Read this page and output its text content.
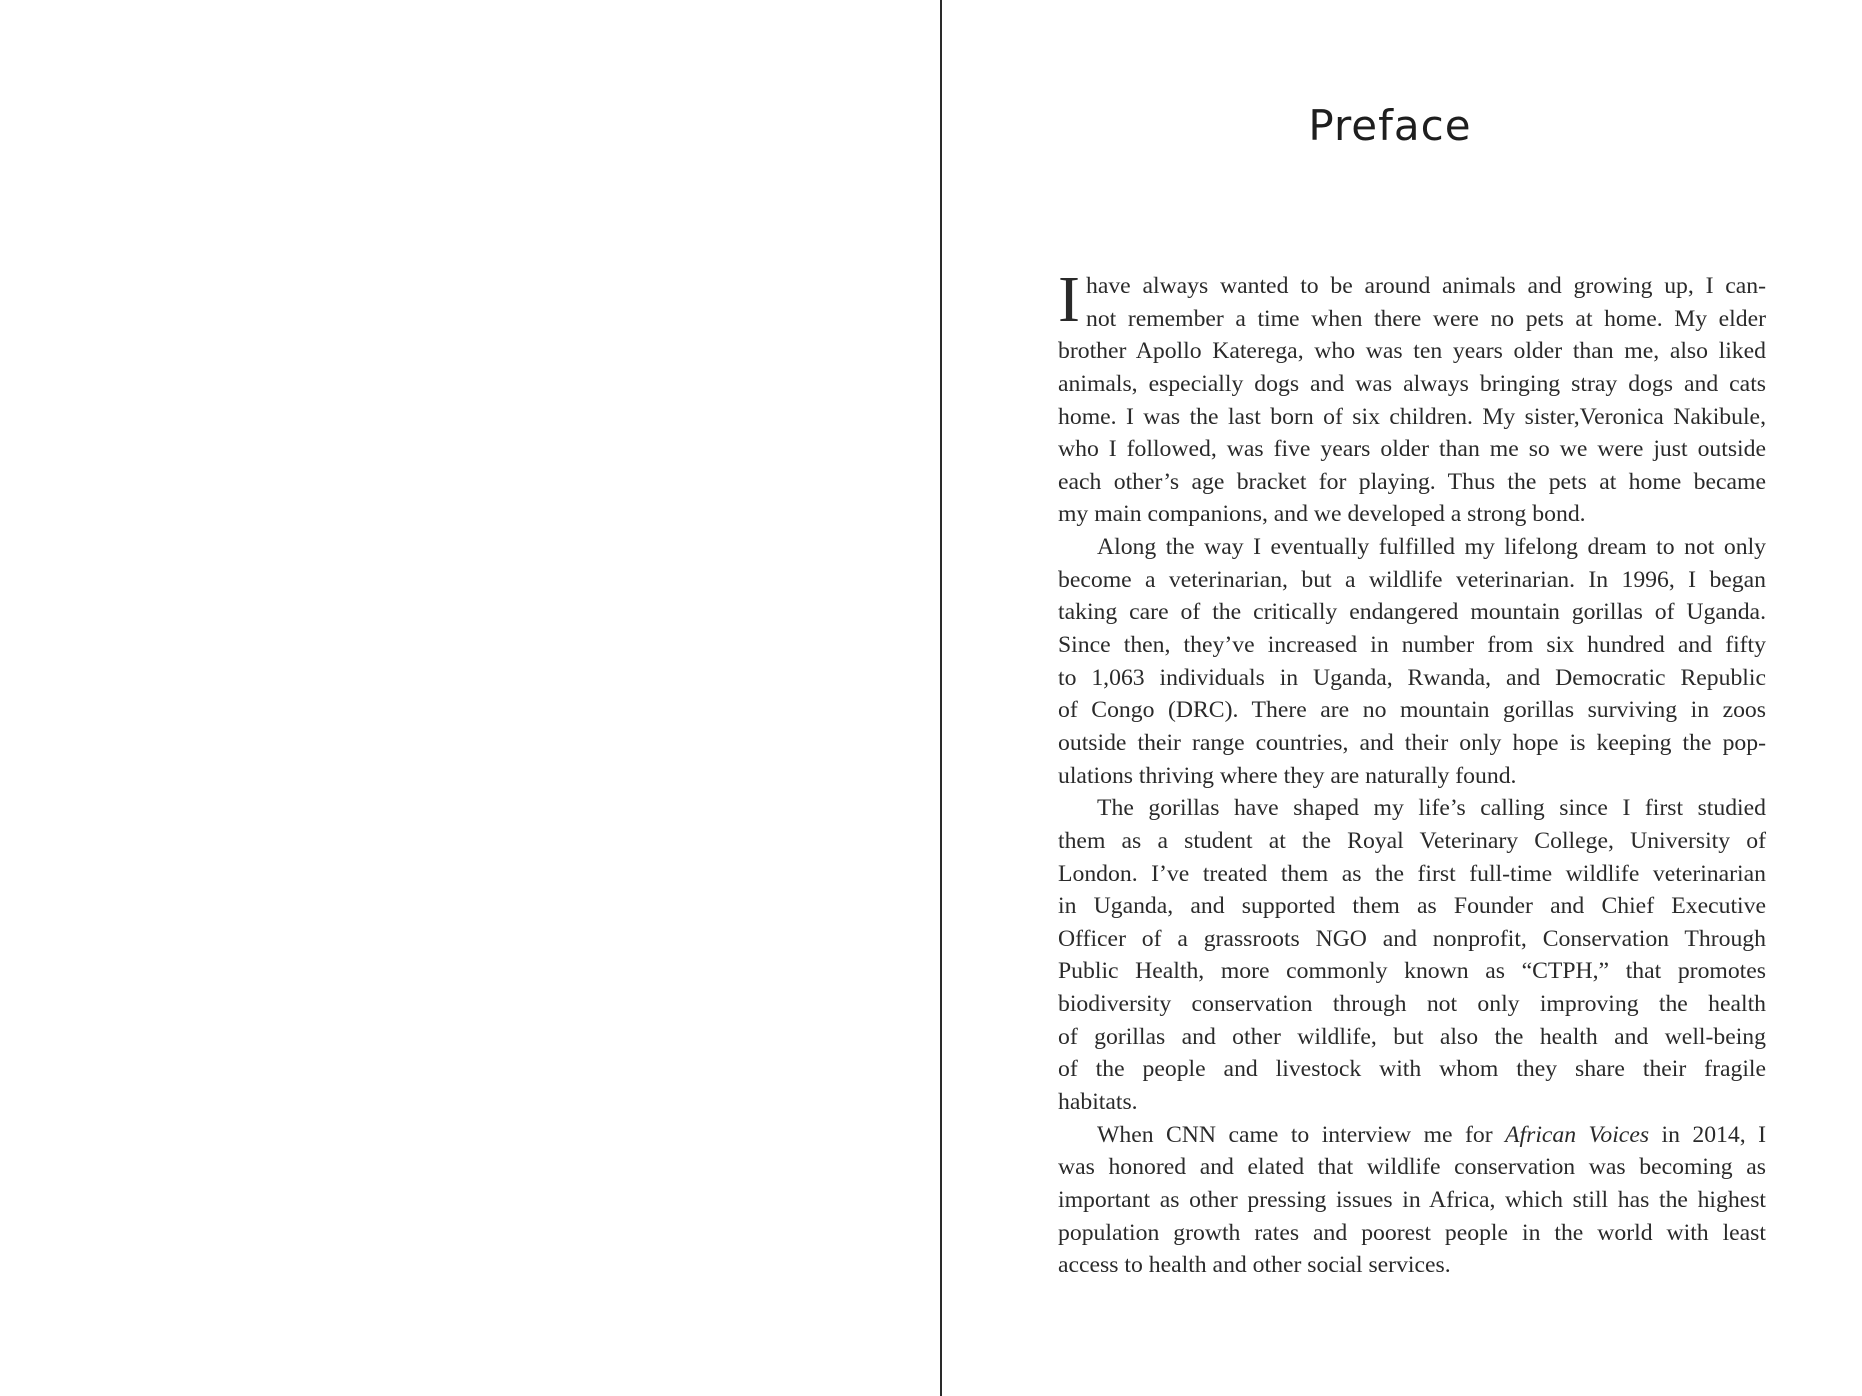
Preface
I have always wanted to be around animals and growing up, I can-
not remember a time when there were no pets at home. My elder
brother Apollo Katerega, who was ten years older than me, also liked
animals, especially dogs and was always bringing stray dogs and cats
home. I was the last born of six children. My sister,Veronica Nakibule,
who I followed, was five years older than me so we were just outside
each other’s age bracket for playing. Thus the pets at home became
my main companions, and we developed a strong bond.
Along the way I eventually fulfilled my lifelong dream to not only
become a veterinarian, but a wildlife veterinarian. In 1996, I began
taking care of the critically endangered mountain gorillas of Uganda.
Since then, they’ve increased in number from six hundred and fifty
to 1,063 individuals in Uganda, Rwanda, and Democratic Republic
of Congo (DRC). There are no mountain gorillas surviving in zoos
outside their range countries, and their only hope is keeping the pop-
ulations thriving where they are naturally found.
The gorillas have shaped my life’s calling since I first studied
them as a student at the Royal Veterinary College, University of
London. I’ve treated them as the first full-time wildlife veterinarian
in Uganda, and supported them as Founder and Chief Executive
Officer of a grassroots NGO and nonprofit, Conservation Through
Public Health, more commonly known as “CTPH,” that promotes
biodiversity conservation through not only improving the health
of gorillas and other wildlife, but also the health and well-being
of the people and livestock with whom they share their fragile
habitats.
When CNN came to interview me for African Voices in 2014, I
was honored and elated that wildlife conservation was becoming as
important as other pressing issues in Africa, which still has the highest
population growth rates and poorest people in the world with least
access to health and other social services.
